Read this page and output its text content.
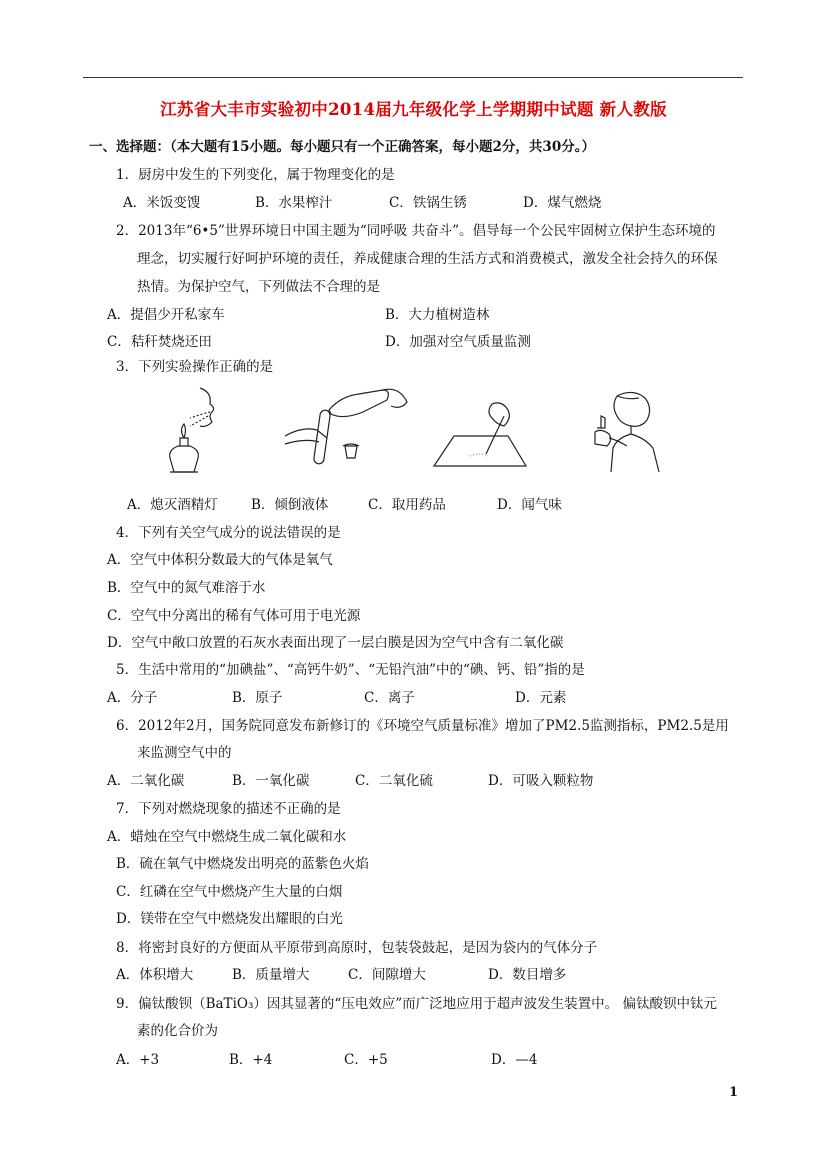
江苏省大丰市实验初中2014届九年级化学上学期期中试题 新人教版
一、选择题：（本大题有15小题。每小题只有一个正确答案，每小题2分，共30分。）
1．厨房中发生的下列变化，属于物理变化的是
A．米饭变馊	B．水果榨汁	C．铁锅生锈	D．煤气燃烧
2．2013年“6•5”世界环境日中国主题为“同呼吸 共奋斗”。倡导每一个公民牢固树立保护生态环境的
理念，切实履行好呵护环境的责任，养成健康合理的生活方式和消费模式，激发全社会持久的环保
热情。为保护空气，下列做法不合理的是
A．提倡少开私家车	B．大力植树造林
C．秸秆焚烧还田	D．加强对空气质量监测
3．下列实验操作正确的是
A．熄灭酒精灯 B．倾倒液体	C．取用药品	D．闻气味
4．下列有关空气成分的说法错误的是
A．空气中体积分数最大的气体是氧气
B．空气中的氮气难溶于水
C．空气中分离出的稀有气体可用于电光源
D．空气中敞口放置的石灰水表面出现了一层白膜是因为空气中含有二氧化碳
5．生活中常用的“加碘盐”、“高钙牛奶”、“无铅汽油”中的“碘、钙、铅”指的是
A．分子	B．原子	C．离子	D．元素
6．2012年2月，国务院同意发布新修订的《环境空气质量标准》增加了PM2.5监测指标，PM2.5是用
来监测空气中的
A．二氧化碳	B．一氧化碳	C．二氧化硫	D．可吸入颗粒物
7．下列对燃烧现象的描述不正确的是
A．蜡烛在空气中燃烧生成二氧化碳和水
B．硫在氧气中燃烧发出明亮的蓝紫色火焰
C．红磷在空气中燃烧产生大量的白烟
D．镁带在空气中燃烧发出耀眼的白光
8．将密封良好的方便面从平原带到高原时，包装袋鼓起，是因为袋内的气体分子
A．体积增大	B．质量增大	C．间隙增大	D．数目增多
9．偏钛酸钡（BaTiO₃）因其显著的“压电效应”而广泛地应用于超声波发生装置中。 偏钛酸钡中钛元
素的化合价为
A．+3	B．+4	C．+5	D．—4
1
